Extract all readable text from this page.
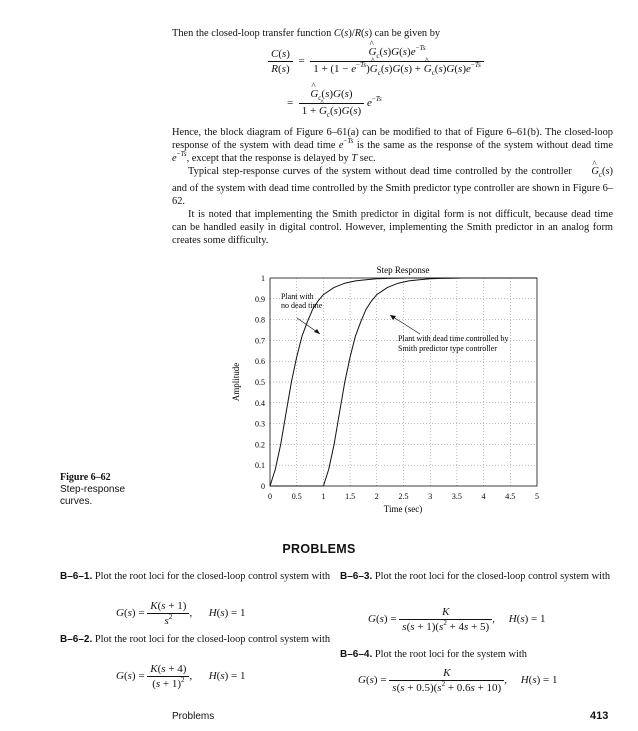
Then the closed-loop transfer function C(s)/R(s) can be given by
$\frac{C(s)}{R(s)}$ = ^ $\frac{G_c(s)G(s)e^{-Ts}}{1 + (1 - e^{-Ts})\^{} G_c(s)G(s) + \^{} G_c(s)G(s)e^{-Ts}}$
= ^ $\frac{G_c(s)G(s)}{1 + \^{} G_c(s)G(s)} e^{-Ts}$

Hence, the block diagram of Figure 6–61(a) can be modified to that of Figure 6–61(b). The closed-loop response of the system with dead time $e^{-Ts}$ is the same as the response of the system without dead time $e^{-Ts}$, except that the response is delayed by T sec.

Typical step-response curves of the system without dead time controlled by the controller ^ $G_c(s)$ and of the system with dead time controlled by the Smith predictor type controller are shown in Figure 6–62.

It is noted that implementing the Smith predictor in digital form is not difficult, because dead time can be handled easily in digital control. However, implementing the Smith predictor in an analog form creates some difficulty.

Step Response
0
0.1
0.2
0.3
0.4
0.5
0.6
0.7
0.8
0.9
1
0 0.5 1 1.5 2 2.5 3 3.5 4 4.5 5
Time (sec)
Amplitude
Plant with no dead time
Plant with dead time controlled by Smith predictor type controller
Figure 6–62
Step-response curves.
PROBLEMS
B–6–1. Plot the root loci for the closed-loop control system with
$G(s) = \frac{K(s + 1)}{s^2}$ ,      H(s) = 1
B–6–2. Plot the root loci for the closed-loop control system with
$G(s) = \frac{K(s + 4)}{(s + 1)^2}$ ,      H(s) = 1
B–6–3. Plot the root loci for the closed-loop control system with
$G(s) = \frac{K}{s(s + 1)(s^2 + 4s + 5)}$ ,     H(s) = 1
B–6–4. Plot the root loci for the system with
$G(s) = \frac{K}{s(s + 0.5)(s^2 + 0.6s + 10)}$ ,     H(s) = 1
Problems	413
